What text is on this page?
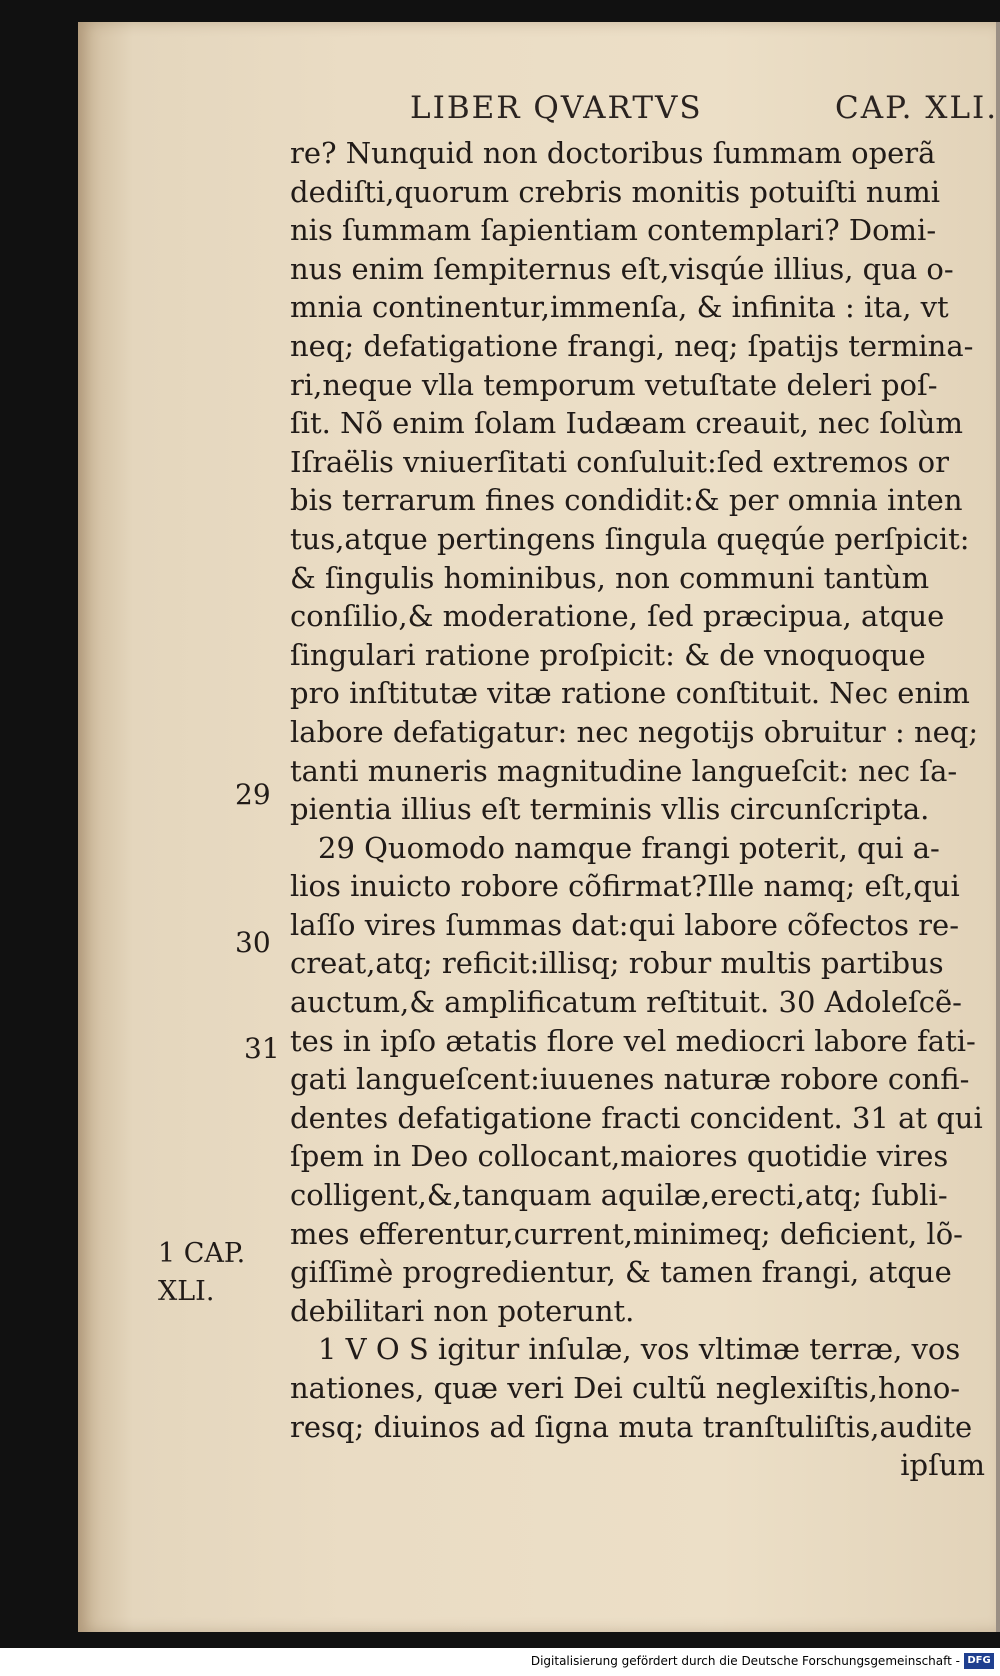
LIBER QVARTVS	CAP. XLI.
29
30
31
1 CAP.
XLI.
re? Nunquid non doctoribus ſummam operã
dediſti,quorum crebris monitis potuiſti numi
nis ſummam ſapientiam contemplari? Domi-
nus enim ſempiternus eſt,visqúe illius, qua o-
mnia continentur,immenſa, & infinita : ita, vt
neq; defatigatione frangi, neq; ſpatijs termina-
ri,neque vlla temporum vetuſtate deleri poſ-
ſit. Nõ enim ſolam Iudæam creauit, nec ſolùm
Iſraëlis vniuerſitati conſuluit:ſed extremos or
bis terrarum fines condidit:& per omnia inten
tus,atque pertingens ſingula quęqúe perſpicit:
& ſingulis hominibus, non communi tantùm
conſilio,& moderatione, ſed præcipua, atque
ſingulari ratione proſpicit: & de vnoquoque
pro inſtitutæ vitæ ratione conſtituit. Nec enim
labore defatigatur: nec negotijs obruitur : neq;
tanti muneris magnitudine langueſcit: nec ſa-
pientia illius eſt terminis vllis circunſcripta.
29 Quomodo namque frangi poterit, qui a-
lios inuicto robore cõfirmat?Ille namq; eſt,qui
laſſo vires ſummas dat:qui labore cõfectos re-
creat,atq; reficit:illisq; robur multis partibus
auctum,& amplificatum reſtituit. 30 Adoleſcẽ-
tes in ipſo ætatis flore vel mediocri labore fati-
gati langueſcent:iuuenes naturæ robore confi-
dentes defatigatione fracti concident. 31 at qui
ſpem in Deo collocant,maiores quotidie vires
colligent,&,tanquam aquilæ,erecti,atq; ſubli-
mes efferentur,current,minimeq; deficient, lõ-
giſſimè progredientur, & tamen frangi, atque
debilitari non poterunt.
1 V O S igitur inſulæ, vos vltimæ terræ, vos
nationes, quæ veri Dei cultũ neglexiſtis,hono-
resq; diuinos ad ſigna muta tranſtuliſtis,audite
ipſum
Digitalisierung gefördert durch die Deutsche Forschungsgemeinschaft - DFG
